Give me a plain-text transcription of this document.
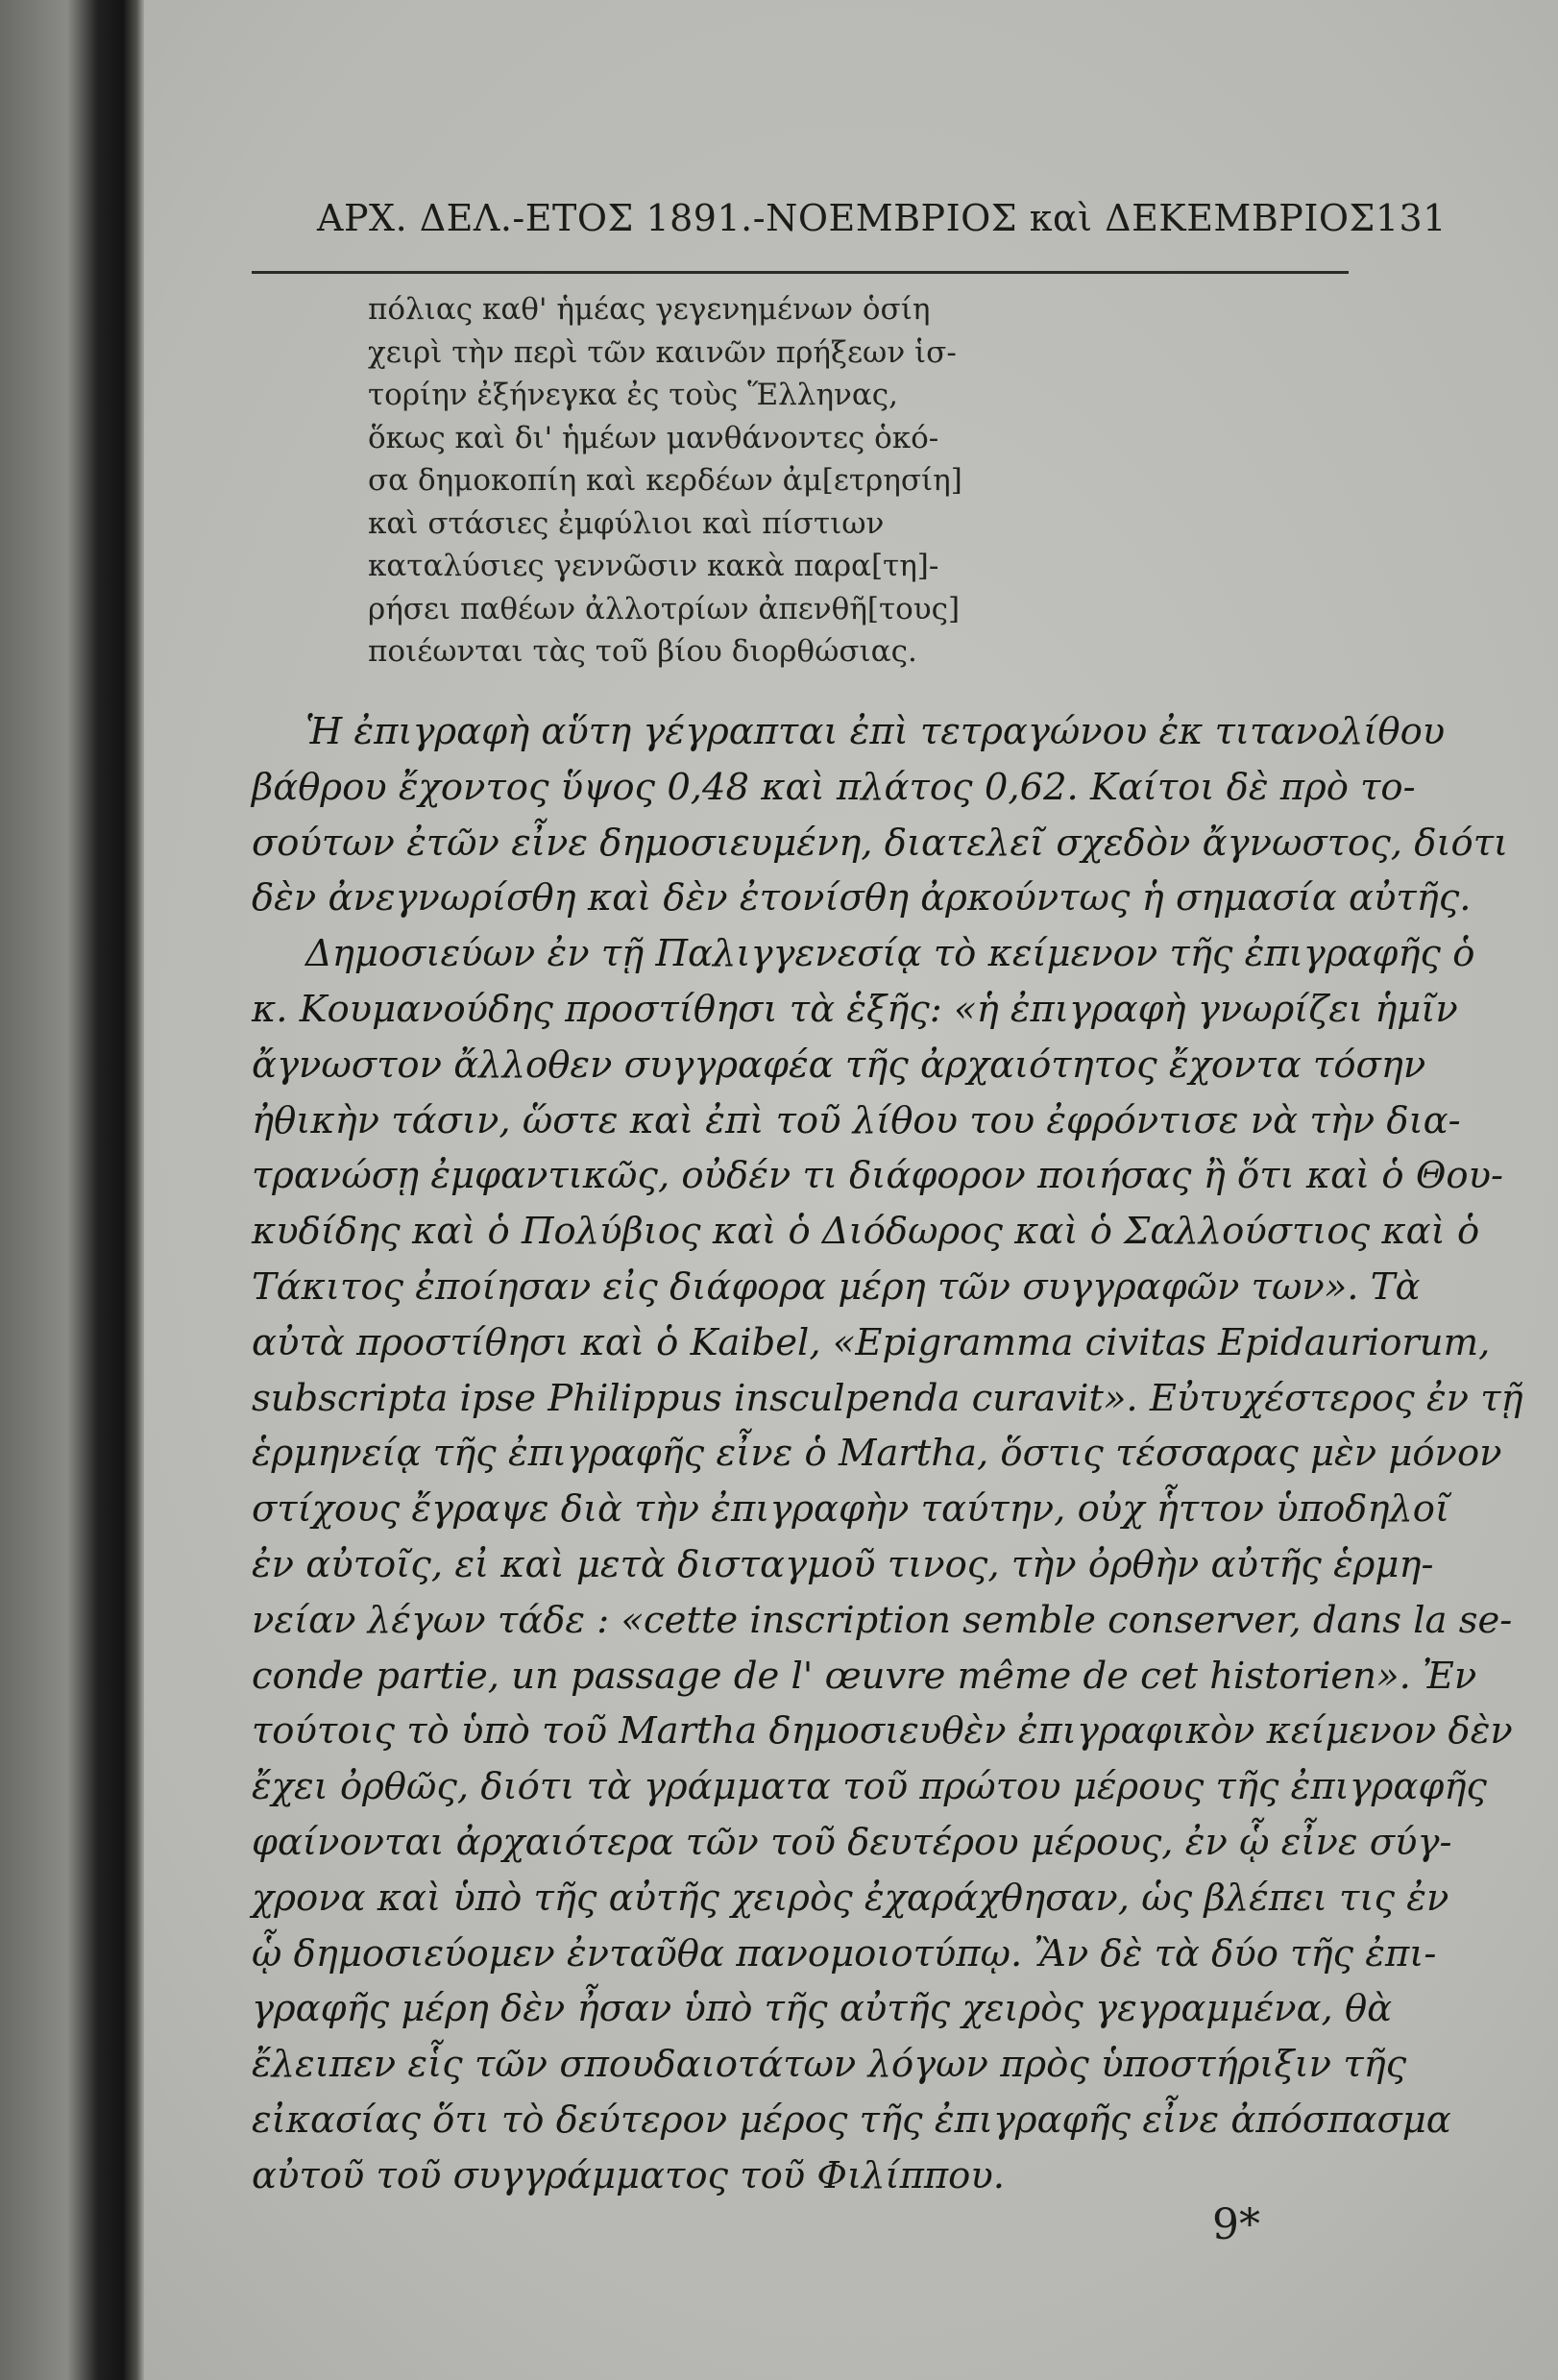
ΑΡΧ. ΔΕΛ.-ΕΤΟΣ 1891.-ΝΟΕΜΒΡΙΟΣ καὶ ΔΕΚΕΜΒΡΙΟΣ 131
πόλιας καθ' ἡμέας γεγενημένων ὁσίη
χειρὶ τὴν περὶ τῶν καινῶν πρήξεων ἱσ-
τορίην ἐξήνεγκα ἐς τοὺς Ἕλληνας,
ὅκως καὶ δι' ἡμέων μανθάνοντες ὁκό-
σα δημοκοπίη καὶ κερδέων ἀμ[ετρησίη]
καὶ στάσιες ἐμφύλιοι καὶ πίστιων
καταλύσιες γεννῶσιν κακὰ παρα[τη]-
ρήσει παθέων ἀλλοτρίων ἀπενθῆ[τους]
ποιέωνται τὰς τοῦ βίου διορθώσιας.
Ἡ ἐπιγραφὴ αὕτη γέγραπται ἐπὶ τετραγώνου ἐκ τιτανολίθου
βάθρου ἔχοντος ὕψος 0,48 καὶ πλάτος 0,62. Καίτοι δὲ πρὸ το-
σούτων ἐτῶν εἶνε δημοσιευμένη, διατελεῖ σχεδὸν ἄγνωστος, διότι
δὲν ἀνεγνωρίσθη καὶ δὲν ἐτονίσθη ἀρκούντως ἡ σημασία αὐτῆς.
Δημοσιεύων ἐν τῇ Παλιγγενεσίᾳ τὸ κείμενον τῆς ἐπιγραφῆς ὁ
κ. Κουμανούδης προστίθησι τὰ ἑξῆς: «ἡ ἐπιγραφὴ γνωρίζει ἡμῖν
ἄγνωστον ἄλλοθεν συγγραφέα τῆς ἀρχαιότητος ἔχοντα τόσην
ἠθικὴν τάσιν, ὥστε καὶ ἐπὶ τοῦ λίθου του ἐφρόντισε νὰ τὴν δια-
τρανώσῃ ἐμφαντικῶς, οὐδέν τι διάφορον ποιήσας ἢ ὅτι καὶ ὁ Θου-
κυδίδης καὶ ὁ Πολύβιος καὶ ὁ Διόδωρος καὶ ὁ Σαλλούστιος καὶ ὁ
Τάκιτος ἐποίησαν εἰς διάφορα μέρη τῶν συγγραφῶν των». Τὰ
αὐτὰ προστίθησι καὶ ὁ Kaibel, «Epigramma civitas Epidauriorum,
subscripta ipse Philippus insculpenda curavit». Εὐτυχέστερος ἐν τῇ
ἑρμηνείᾳ τῆς ἐπιγραφῆς εἶνε ὁ Martha, ὅστις τέσσαρας μὲν μόνον
στίχους ἔγραψε διὰ τὴν ἐπιγραφὴν ταύτην, οὐχ ἧττον ὑποδηλοῖ
ἐν αὐτοῖς, εἰ καὶ μετὰ δισταγμοῦ τινος, τὴν ὀρθὴν αὐτῆς ἑρμη-
νείαν λέγων τάδε : «cette inscription semble conserver, dans la se-
conde partie, un passage de l' œuvre même de cet historien». Ἐν
τούτοις τὸ ὑπὸ τοῦ Martha δημοσιευθὲν ἐπιγραφικὸν κείμενον δὲν
ἔχει ὀρθῶς, διότι τὰ γράμματα τοῦ πρώτου μέρους τῆς ἐπιγραφῆς
φαίνονται ἀρχαιότερα τῶν τοῦ δευτέρου μέρους, ἐν ᾧ εἶνε σύγ-
χρονα καὶ ὑπὸ τῆς αὐτῆς χειρὸς ἐχαράχθησαν, ὡς βλέπει τις ἐν
ᾧ δημοσιεύομεν ἐνταῦθα πανομοιοτύπῳ. Ἂν δὲ τὰ δύο τῆς ἐπι-
γραφῆς μέρη δὲν ἦσαν ὑπὸ τῆς αὐτῆς χειρὸς γεγραμμένα, θὰ
ἔλειπεν εἷς τῶν σπουδαιοτάτων λόγων πρὸς ὑποστήριξιν τῆς
εἰκασίας ὅτι τὸ δεύτερον μέρος τῆς ἐπιγραφῆς εἶνε ἀπόσπασμα
αὐτοῦ τοῦ συγγράμματος τοῦ Φιλίππου.
9*
